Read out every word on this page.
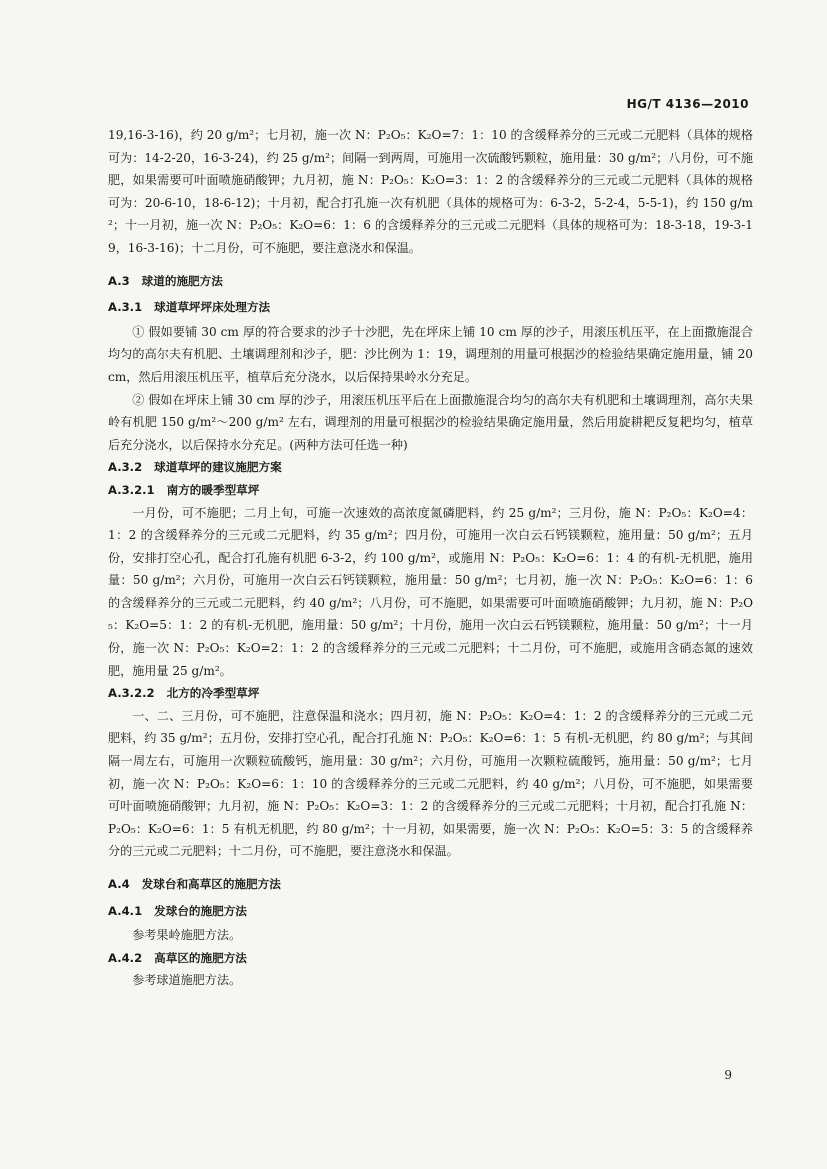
HG/T 4136—2010

19,16-3-16)，约 20 g/m²；七月初，施一次 N：P₂O₅：K₂O=7：1：10 的含缓释养分的三元或二元肥料（具体的规格可为：14-2-20，16-3-24)，约 25 g/m²；间隔一到两周，可施用一次硫酸钙颗粒，施用量：30 g/m²；八月份，可不施肥，如果需要可叶面喷施硝酸钾；九月初，施 N：P₂O₅：K₂O=3：1：2 的含缓释养分的三元或二元肥料（具体的规格可为：20-6-10，18-6-12)；十月初，配合打孔施一次有机肥（具体的规格可为：6-3-2，5-2-4，5-5-1)，约 150 g/m²；十一月初，施一次 N：P₂O₅：K₂O=6：1：6 的含缓释养分的三元或二元肥料（具体的规格可为：18-3-18，19-3-19，16-3-16)；十二月份，可不施肥，要注意浇水和保温。

A.3 球道的施肥方法

A.3.1 球道草坪坪床处理方法

① 假如要铺 30 cm 厚的符合要求的沙子十沙肥，先在坪床上铺 10 cm 厚的沙子，用滚压机压平，在上面撒施混合均匀的高尔夫有机肥、土壤调理剂和沙子，肥：沙比例为 1：19，调理剂的用量可根据沙的检验结果确定施用量，铺 20 cm，然后用滚压机压平，植草后充分浇水，以后保持果岭水分充足。

② 假如在坪床上铺 30 cm 厚的沙子，用滚压机压平后在上面撒施混合均匀的高尔夫有机肥和土壤调理剂，高尔夫果岭有机肥 150 g/m²～200 g/m² 左右，调理剂的用量可根据沙的检验结果确定施用量，然后用旋耕耙反复耙均匀，植草后充分浇水，以后保持水分充足。(两种方法可任选一种)

A.3.2 球道草坪的建议施肥方案

A.3.2.1 南方的暖季型草坪

一月份，可不施肥；二月上旬，可施一次速效的高浓度氮磷肥料，约 25 g/m²；三月份，施 N：P₂O₅：K₂O=4：1：2 的含缓释养分的三元或二元肥料，约 35 g/m²；四月份，可施用一次白云石钙镁颗粒，施用量：50 g/m²；五月份，安排打空心孔，配合打孔施有机肥 6-3-2，约 100 g/m²，或施用 N：P₂O₅：K₂O=6：1：4 的有机-无机肥，施用量：50 g/m²；六月份，可施用一次白云石钙镁颗粒，施用量：50 g/m²；七月初，施一次 N：P₂O₅：K₂O=6：1：6 的含缓释养分的三元或二元肥料，约 40 g/m²；八月份，可不施肥，如果需要可叶面喷施硝酸钾；九月初，施 N：P₂O₅：K₂O=5：1：2 的有机-无机肥，施用量：50 g/m²；十月份，施用一次白云石钙镁颗粒，施用量：50 g/m²；十一月份，施一次 N：P₂O₅：K₂O=2：1：2 的含缓释养分的三元或二元肥料；十二月份，可不施肥，或施用含硝态氮的速效肥，施用量 25 g/m²。

A.3.2.2 北方的冷季型草坪

一、二、三月份，可不施肥，注意保温和浇水；四月初，施 N：P₂O₅：K₂O=4：1：2 的含缓释养分的三元或二元肥料，约 35 g/m²；五月份，安排打空心孔，配合打孔施 N：P₂O₅：K₂O=6：1：5 有机-无机肥，约 80 g/m²；与其间隔一周左右，可施用一次颗粒硫酸钙，施用量：30 g/m²；六月份，可施用一次颗粒硫酸钙，施用量：50 g/m²；七月初，施一次 N：P₂O₅：K₂O=6：1：10 的含缓释养分的三元或二元肥料，约 40 g/m²；八月份，可不施肥，如果需要可叶面喷施硝酸钾；九月初，施 N：P₂O₅：K₂O=3：1：2 的含缓释养分的三元或二元肥料；十月初，配合打孔施 N：P₂O₅：K₂O=6：1：5 有机无机肥，约 80 g/m²；十一月初，如果需要，施一次 N：P₂O₅：K₂O=5：3：5 的含缓释养分的三元或二元肥料；十二月份，可不施肥，要注意浇水和保温。

A.4 发球台和高草区的施肥方法

A.4.1 发球台的施肥方法

参考果岭施肥方法。

A.4.2 高草区的施肥方法

参考球道施肥方法。

9
